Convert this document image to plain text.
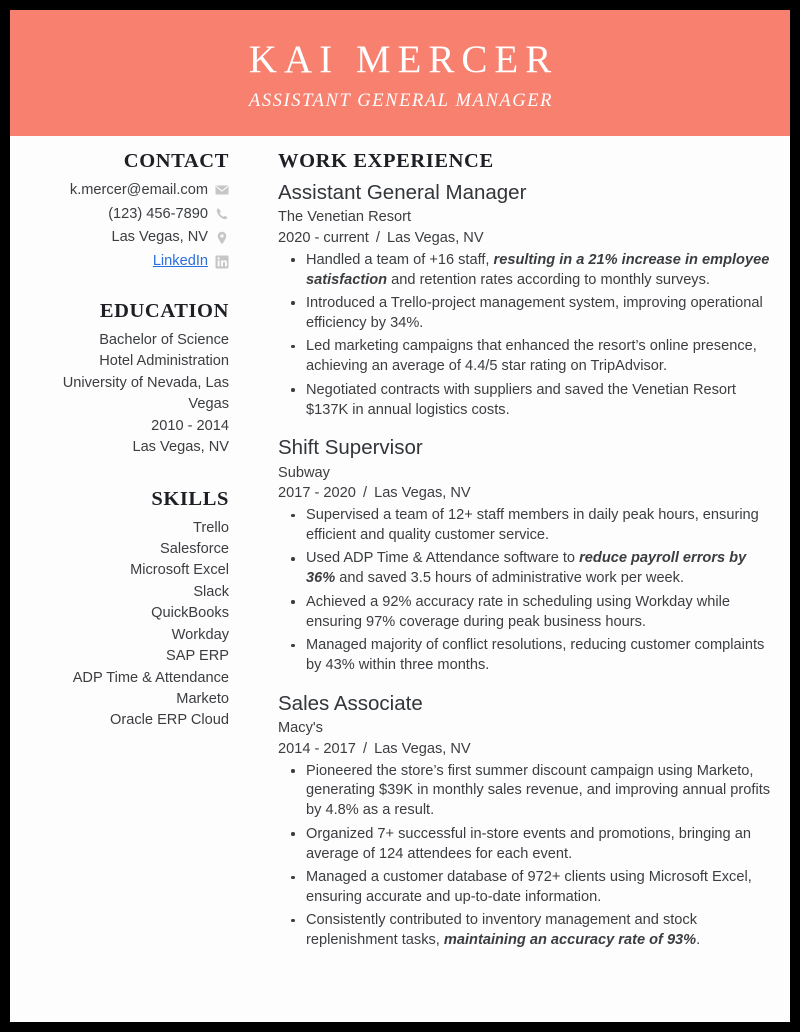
KAI MERCER
ASSISTANT GENERAL MANAGER
CONTACT
k.mercer@email.com
(123) 456-7890
Las Vegas, NV
LinkedIn
EDUCATION
Bachelor of Science
Hotel Administration
University of Nevada, Las Vegas
2010 - 2014
Las Vegas, NV
SKILLS
Trello
Salesforce
Microsoft Excel
Slack
QuickBooks
Workday
SAP ERP
ADP Time & Attendance
Marketo
Oracle ERP Cloud
WORK EXPERIENCE
Assistant General Manager
The Venetian Resort
2020 - current / Las Vegas, NV
Handled a team of +16 staff, resulting in a 21% increase in employee satisfaction and retention rates according to monthly surveys.
Introduced a Trello-project management system, improving operational efficiency by 34%.
Led marketing campaigns that enhanced the resort’s online presence, achieving an average of 4.4/5 star rating on TripAdvisor.
Negotiated contracts with suppliers and saved the Venetian Resort $137K in annual logistics costs.
Shift Supervisor
Subway
2017 - 2020 / Las Vegas, NV
Supervised a team of 12+ staff members in daily peak hours, ensuring efficient and quality customer service.
Used ADP Time & Attendance software to reduce payroll errors by 36% and saved 3.5 hours of administrative work per week.
Achieved a 92% accuracy rate in scheduling using Workday while ensuring 97% coverage during peak business hours.
Managed majority of conflict resolutions, reducing customer complaints by 43% within three months.
Sales Associate
Macy's
2014 - 2017 / Las Vegas, NV
Pioneered the store’s first summer discount campaign using Marketo, generating $39K in monthly sales revenue, and improving annual profits by 4.8% as a result.
Organized 7+ successful in-store events and promotions, bringing an average of 124 attendees for each event.
Managed a customer database of 972+ clients using Microsoft Excel, ensuring accurate and up-to-date information.
Consistently contributed to inventory management and stock replenishment tasks, maintaining an accuracy rate of 93%.
